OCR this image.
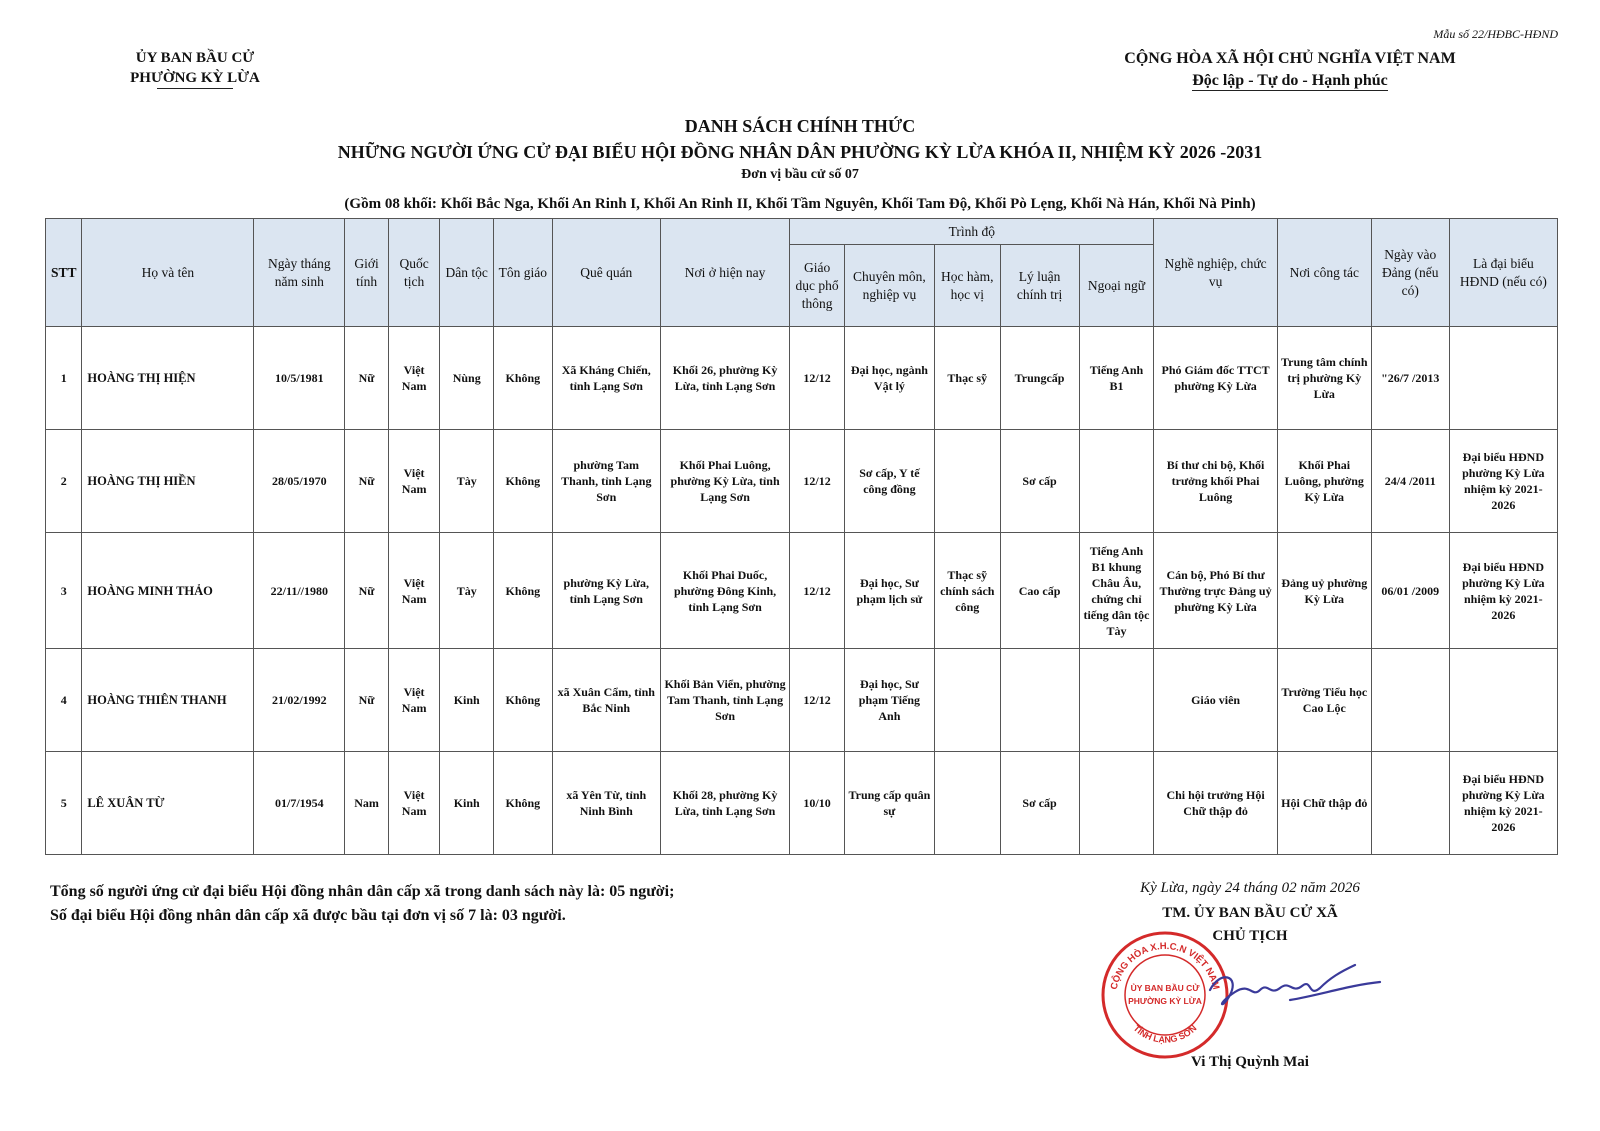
Mẫu số 22/HĐBC-HĐND
ỦY BAN BẦU CỬ
PHƯỜNG KỲ LỪA
CỘNG HÒA XÃ HỘI CHỦ NGHĨA VIỆT NAM
Độc lập - Tự do - Hạnh phúc
DANH SÁCH CHÍNH THỨC
NHỮNG NGƯỜI ỨNG CỬ ĐẠI BIỂU HỘI ĐỒNG NHÂN DÂN PHƯỜNG KỲ LỪA KHÓA II, NHIỆM KỲ 2026 -2031
Đơn vị bầu cử số 07
(Gồm 08 khối: Khối Bắc Nga, Khối An Rinh I, Khối An Rinh II, Khối Tầm Nguyên, Khối Tam Độ, Khối Pò Lẹng, Khối Nà Hán, Khối Nà Pinh)
STT	Họ và tên	Ngày tháng năm sinh	Giới tính	Quốc tịch	Dân tộc	Tôn giáo	Quê quán	Nơi ở hiện nay	Trình độ					Nghề nghiệp, chức vụ	Nơi công tác	Ngày vào Đảng (nếu có)	Là đại biểu HĐND (nếu có)
									Giáo dục phổ thông	Chuyên môn, nghiệp vụ	Học hàm, học vị	Lý luận chính trị	Ngoại ngữ				
1	HOÀNG THỊ HIỆN	10/5/1981	Nữ	Việt Nam	Nùng	Không	Xã Kháng Chiến, tỉnh Lạng Sơn	Khối 26, phường Kỳ Lừa, tỉnh Lạng Sơn	12/12	Đại học, ngành Vật lý	Thạc sỹ	Trungcấp	Tiếng Anh B1	Phó Giám đốc TTCT phường Kỳ Lừa	Trung tâm chính trị phường Kỳ Lừa	"26/7 /2013	
2	HOÀNG THỊ HIỀN	28/05/1970	Nữ	Việt Nam	Tày	Không	phường Tam Thanh, tỉnh Lạng Sơn	Khối Phai Luông, phường Kỳ Lừa, tỉnh Lạng Sơn	12/12	Sơ cấp, Y tế công đồng		Sơ cấp		Bí thư chi bộ, Khối trưởng khối Phai Luông	Khối Phai Luông, phường Kỳ Lừa	24/4 /2011	Đại biểu HĐND phường Kỳ Lừa nhiệm kỳ 2021-2026
3	HOÀNG MINH THẢO	22/11//1980	Nữ	Việt Nam	Tày	Không	phường Kỳ Lừa, tỉnh Lạng Sơn	Khối Phai Duốc, phường Đông Kinh, tỉnh Lạng Sơn	12/12	Đại học, Sư phạm lịch sử	Thạc sỹ chính sách công	Cao cấp	Tiếng Anh B1 khung Châu Âu, chứng chỉ tiếng dân tộc Tày	Cán bộ, Phó Bí thư Thường trực Đảng uỷ phường Kỳ Lừa	Đảng uỷ phường Kỳ Lừa	06/01 /2009	Đại biểu HĐND phường Kỳ Lừa nhiệm kỳ 2021-2026
4	HOÀNG THIÊN THANH	21/02/1992	Nữ	Việt Nam	Kinh	Không	xã Xuân Cẩm, tỉnh Bắc Ninh	Khối Bản Viển, phường Tam Thanh, tỉnh Lạng Sơn	12/12	Đại học, Sư phạm Tiếng Anh				Giáo viên	Trường Tiểu học Cao Lộc		
5	LÊ XUÂN TỪ	01/7/1954	Nam	Việt Nam	Kinh	Không	xã Yên Từ, tỉnh Ninh Bình	Khối 28, phường Kỳ Lừa, tỉnh Lạng Sơn	10/10	Trung cấp quân sự		Sơ cấp		Chi hội trưởng Hội Chữ thập đỏ	Hội Chữ thập đỏ		Đại biểu HĐND phường Kỳ Lừa nhiệm kỳ 2021-2026
Tổng số người ứng cử đại biểu Hội đồng nhân dân cấp xã trong danh sách này là: 05 người;
Số đại biểu Hội đồng nhân dân cấp xã được bầu tại đơn vị số 7 là: 03 người.
Kỳ Lừa, ngày 24 tháng 02 năm 2026
TM. ỦY BAN BẦU CỬ XÃ
CHỦ TỊCH
CỘNG HÒA X.H.C.N VIỆT NAM
TỈNH LẠNG SƠN
ỦY BAN BẦU CỬ
PHƯỜNG KỲ LỪA
Vi Thị Quỳnh Mai
